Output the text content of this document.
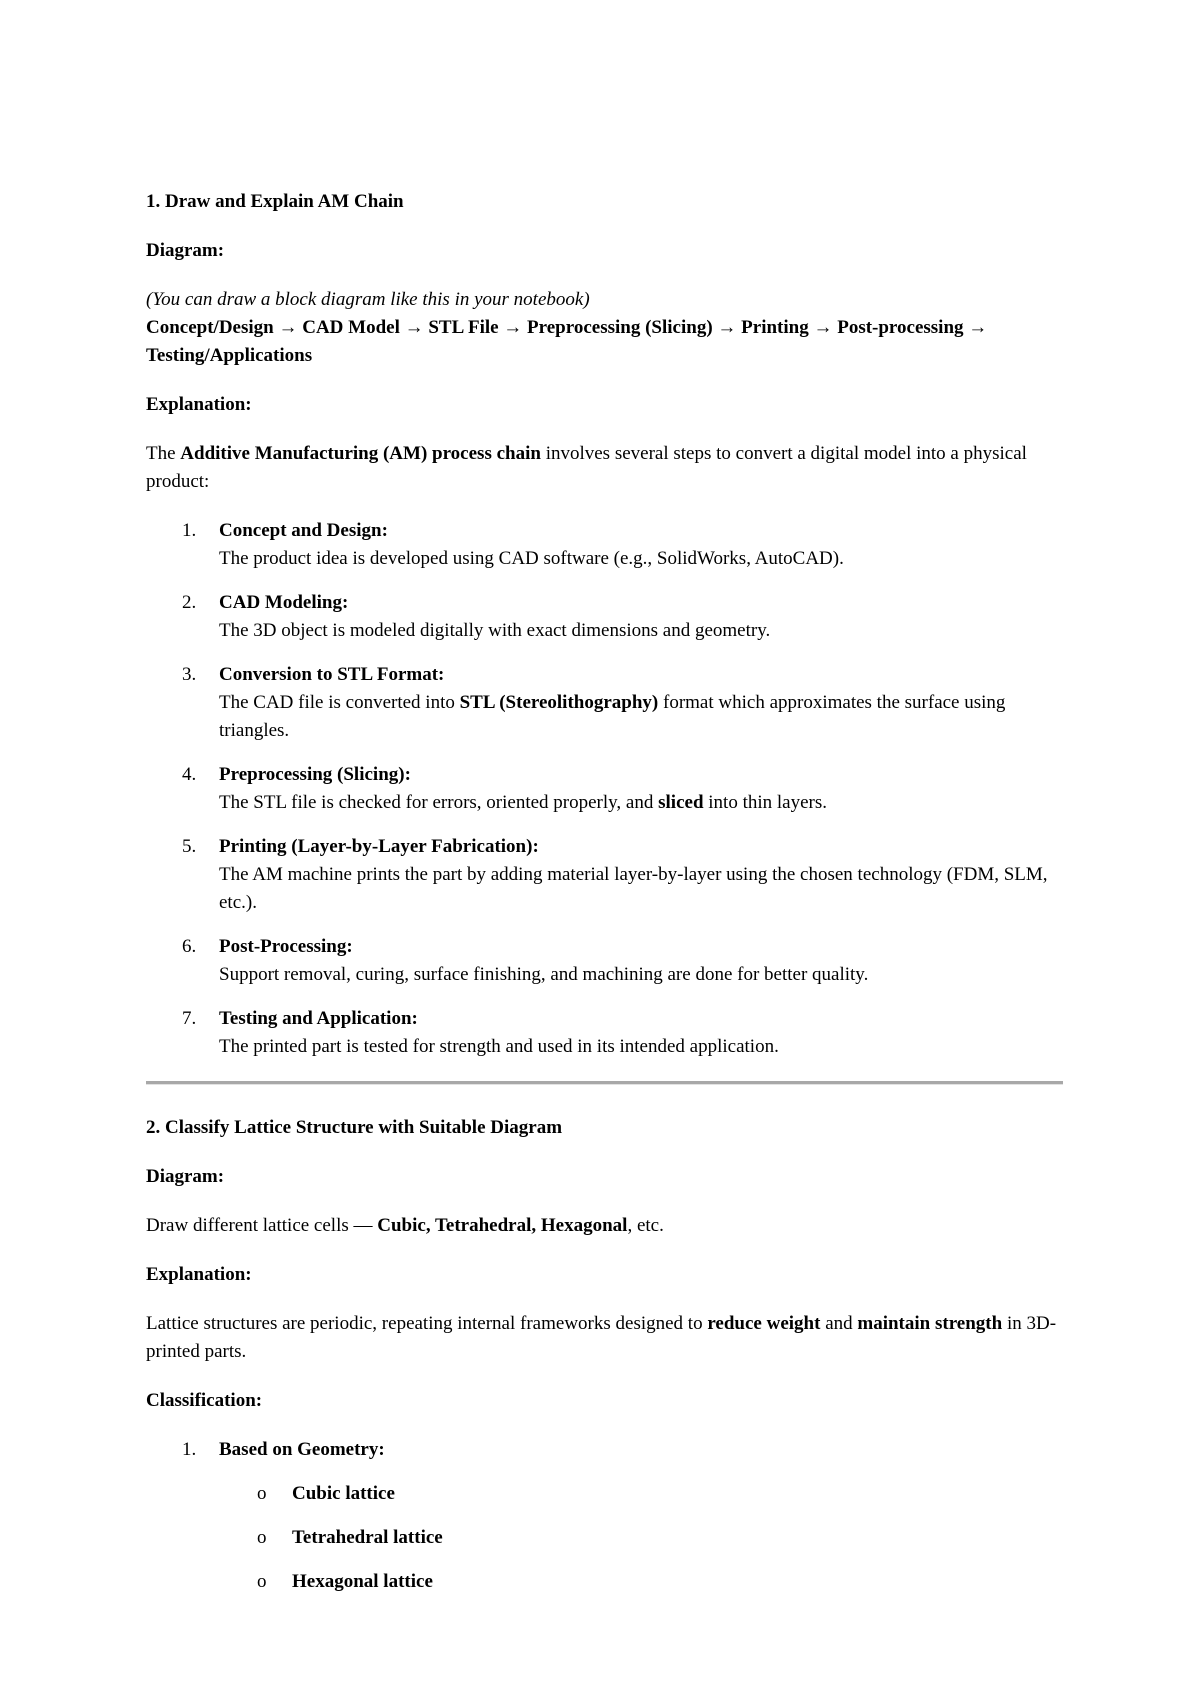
1. Draw and Explain AM Chain

Diagram:

(You can draw a block diagram like this in your notebook)

Concept/Design → CAD Model → STL File → Preprocessing (Slicing) → Printing → Post-processing → Testing/Applications

Explanation:

The Additive Manufacturing (AM) process chain involves several steps to convert a digital model into a physical product:

1. Concept and Design:
The product idea is developed using CAD software (e.g., SolidWorks, AutoCAD).
2. CAD Modeling:
The 3D object is modeled digitally with exact dimensions and geometry.
3. Conversion to STL Format:
The CAD file is converted into STL (Stereolithography) format which approximates the surface using triangles.
4. Preprocessing (Slicing):
The STL file is checked for errors, oriented properly, and sliced into thin layers.
5. Printing (Layer-by-Layer Fabrication):
The AM machine prints the part by adding material layer-by-layer using the chosen technology (FDM, SLM, etc.).
6. Post-Processing:
Support removal, curing, surface finishing, and machining are done for better quality.
7. Testing and Application:
The printed part is tested for strength and used in its intended application.

2. Classify Lattice Structure with Suitable Diagram

Diagram:

Draw different lattice cells — Cubic, Tetrahedral, Hexagonal, etc.

Explanation:

Lattice structures are periodic, repeating internal frameworks designed to reduce weight and maintain strength in 3D-printed parts.

Classification:

1. Based on Geometry:
o Cubic lattice
o Tetrahedral lattice
o Hexagonal lattice
